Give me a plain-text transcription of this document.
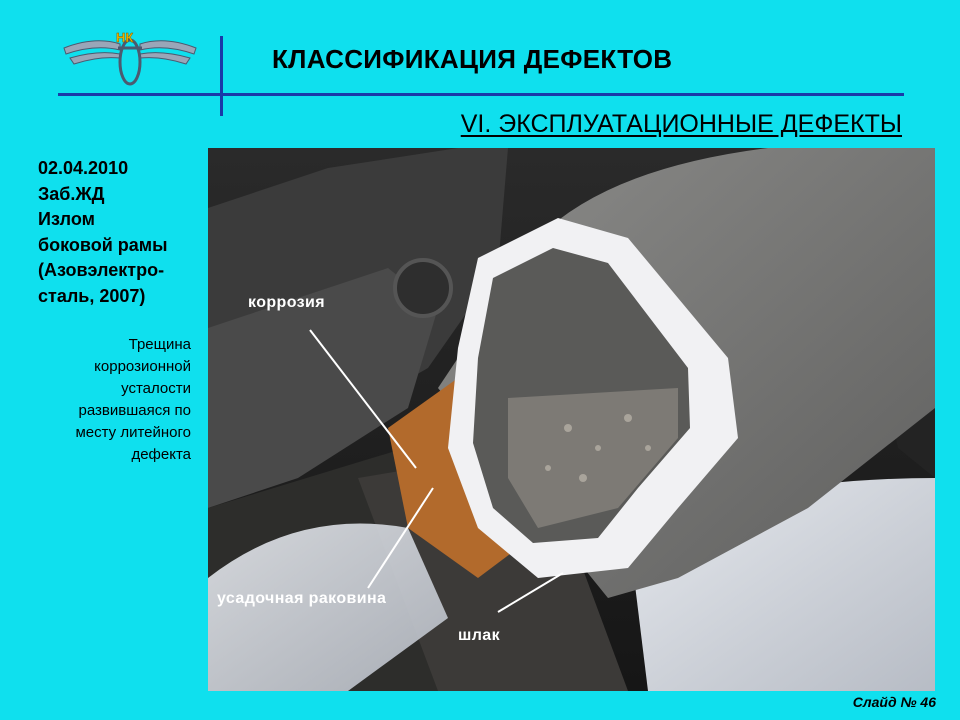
НК
КЛАССИФИКАЦИЯ ДЕФЕКТОВ
VI. ЭКСПЛУАТАЦИОННЫЕ ДЕФЕКТЫ
02.04.2010
Заб.ЖД
Излом
боковой рамы
(Азовэлектро-
сталь, 2007)
Трещина
коррозионной
усталости
развившаяся по
месту литейного
дефекта
коррозия
усадочная раковина
шлак
Слайд № 46
